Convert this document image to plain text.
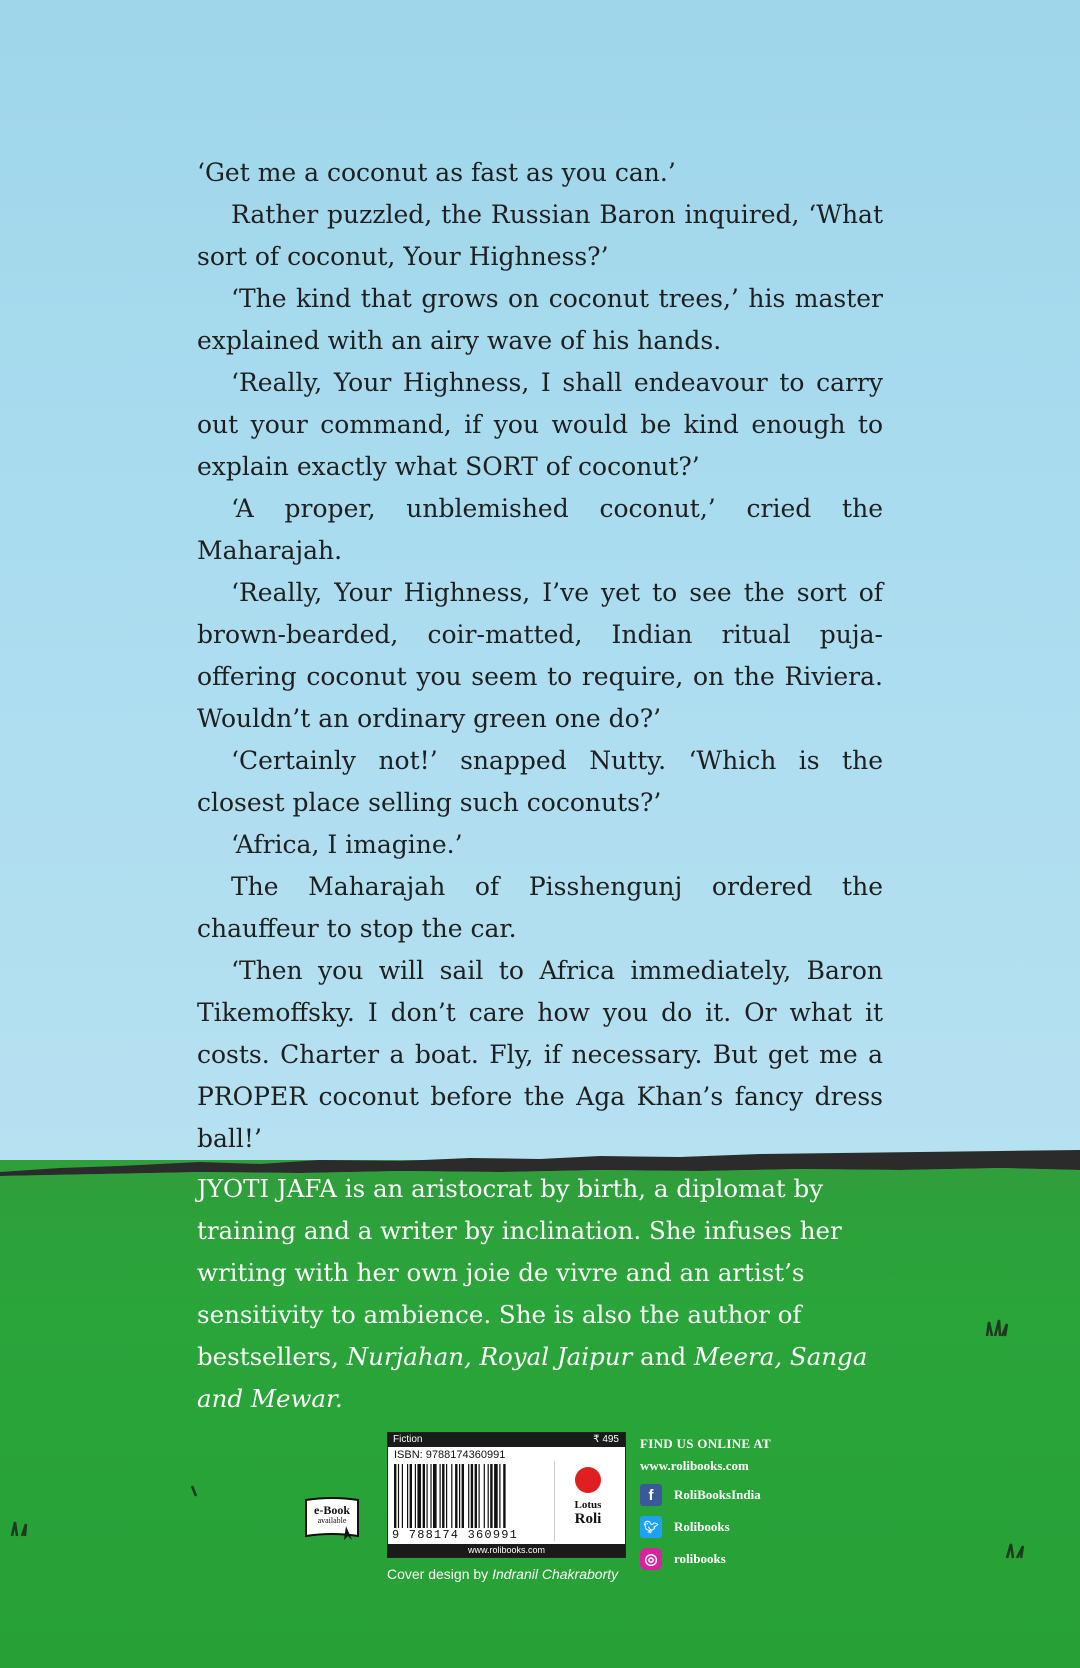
‘Get me a coconut as fast as you can.’

Rather puzzled, the Russian Baron inquired, ‘What sort of coconut, Your Highness?’

‘The kind that grows on coconut trees,’ his master explained with an airy wave of his hands.

‘Really, Your Highness, I shall endeavour to carry out your command, if you would be kind enough to explain exactly what SORT of coconut?’

‘A proper, unblemished coconut,’ cried the Maharajah.

‘Really, Your Highness, I’ve yet to see the sort of brown-bearded, coir-matted, Indian ritual puja-offering coconut you seem to require, on the Riviera. Wouldn’t an ordinary green one do?’

‘Certainly not!’ snapped Nutty. ‘Which is the closest place selling such coconuts?’

‘Africa, I imagine.’

The Maharajah of Pisshengunj ordered the chauffeur to stop the car.

‘Then you will sail to Africa immediately, Baron Tikemoffsky. I don’t care how you do it. Or what it costs. Charter a boat. Fly, if necessary. But get me a PROPER coconut before the Aga Khan’s fancy dress ball!’

JYOTI JAFA is an aristocrat by birth, a diplomat by training and a writer by inclination. She infuses her writing with her own joie de vivre and an artist’s sensitivity to ambience. She is also the author of bestsellers, Nurjahan, Royal Jaipur and Meera, Sanga and Mewar.

e-Book
available
Fiction	₹ 495
ISBN: 9788174360991
9 788174 360991
Lotus
Roli
www.rolibooks.com
Cover design by Indranil Chakraborty
FIND US ONLINE AT
www.rolibooks.com
f	RoliBooksIndia
🐦︎ Rolibooks
◎	rolibooks
